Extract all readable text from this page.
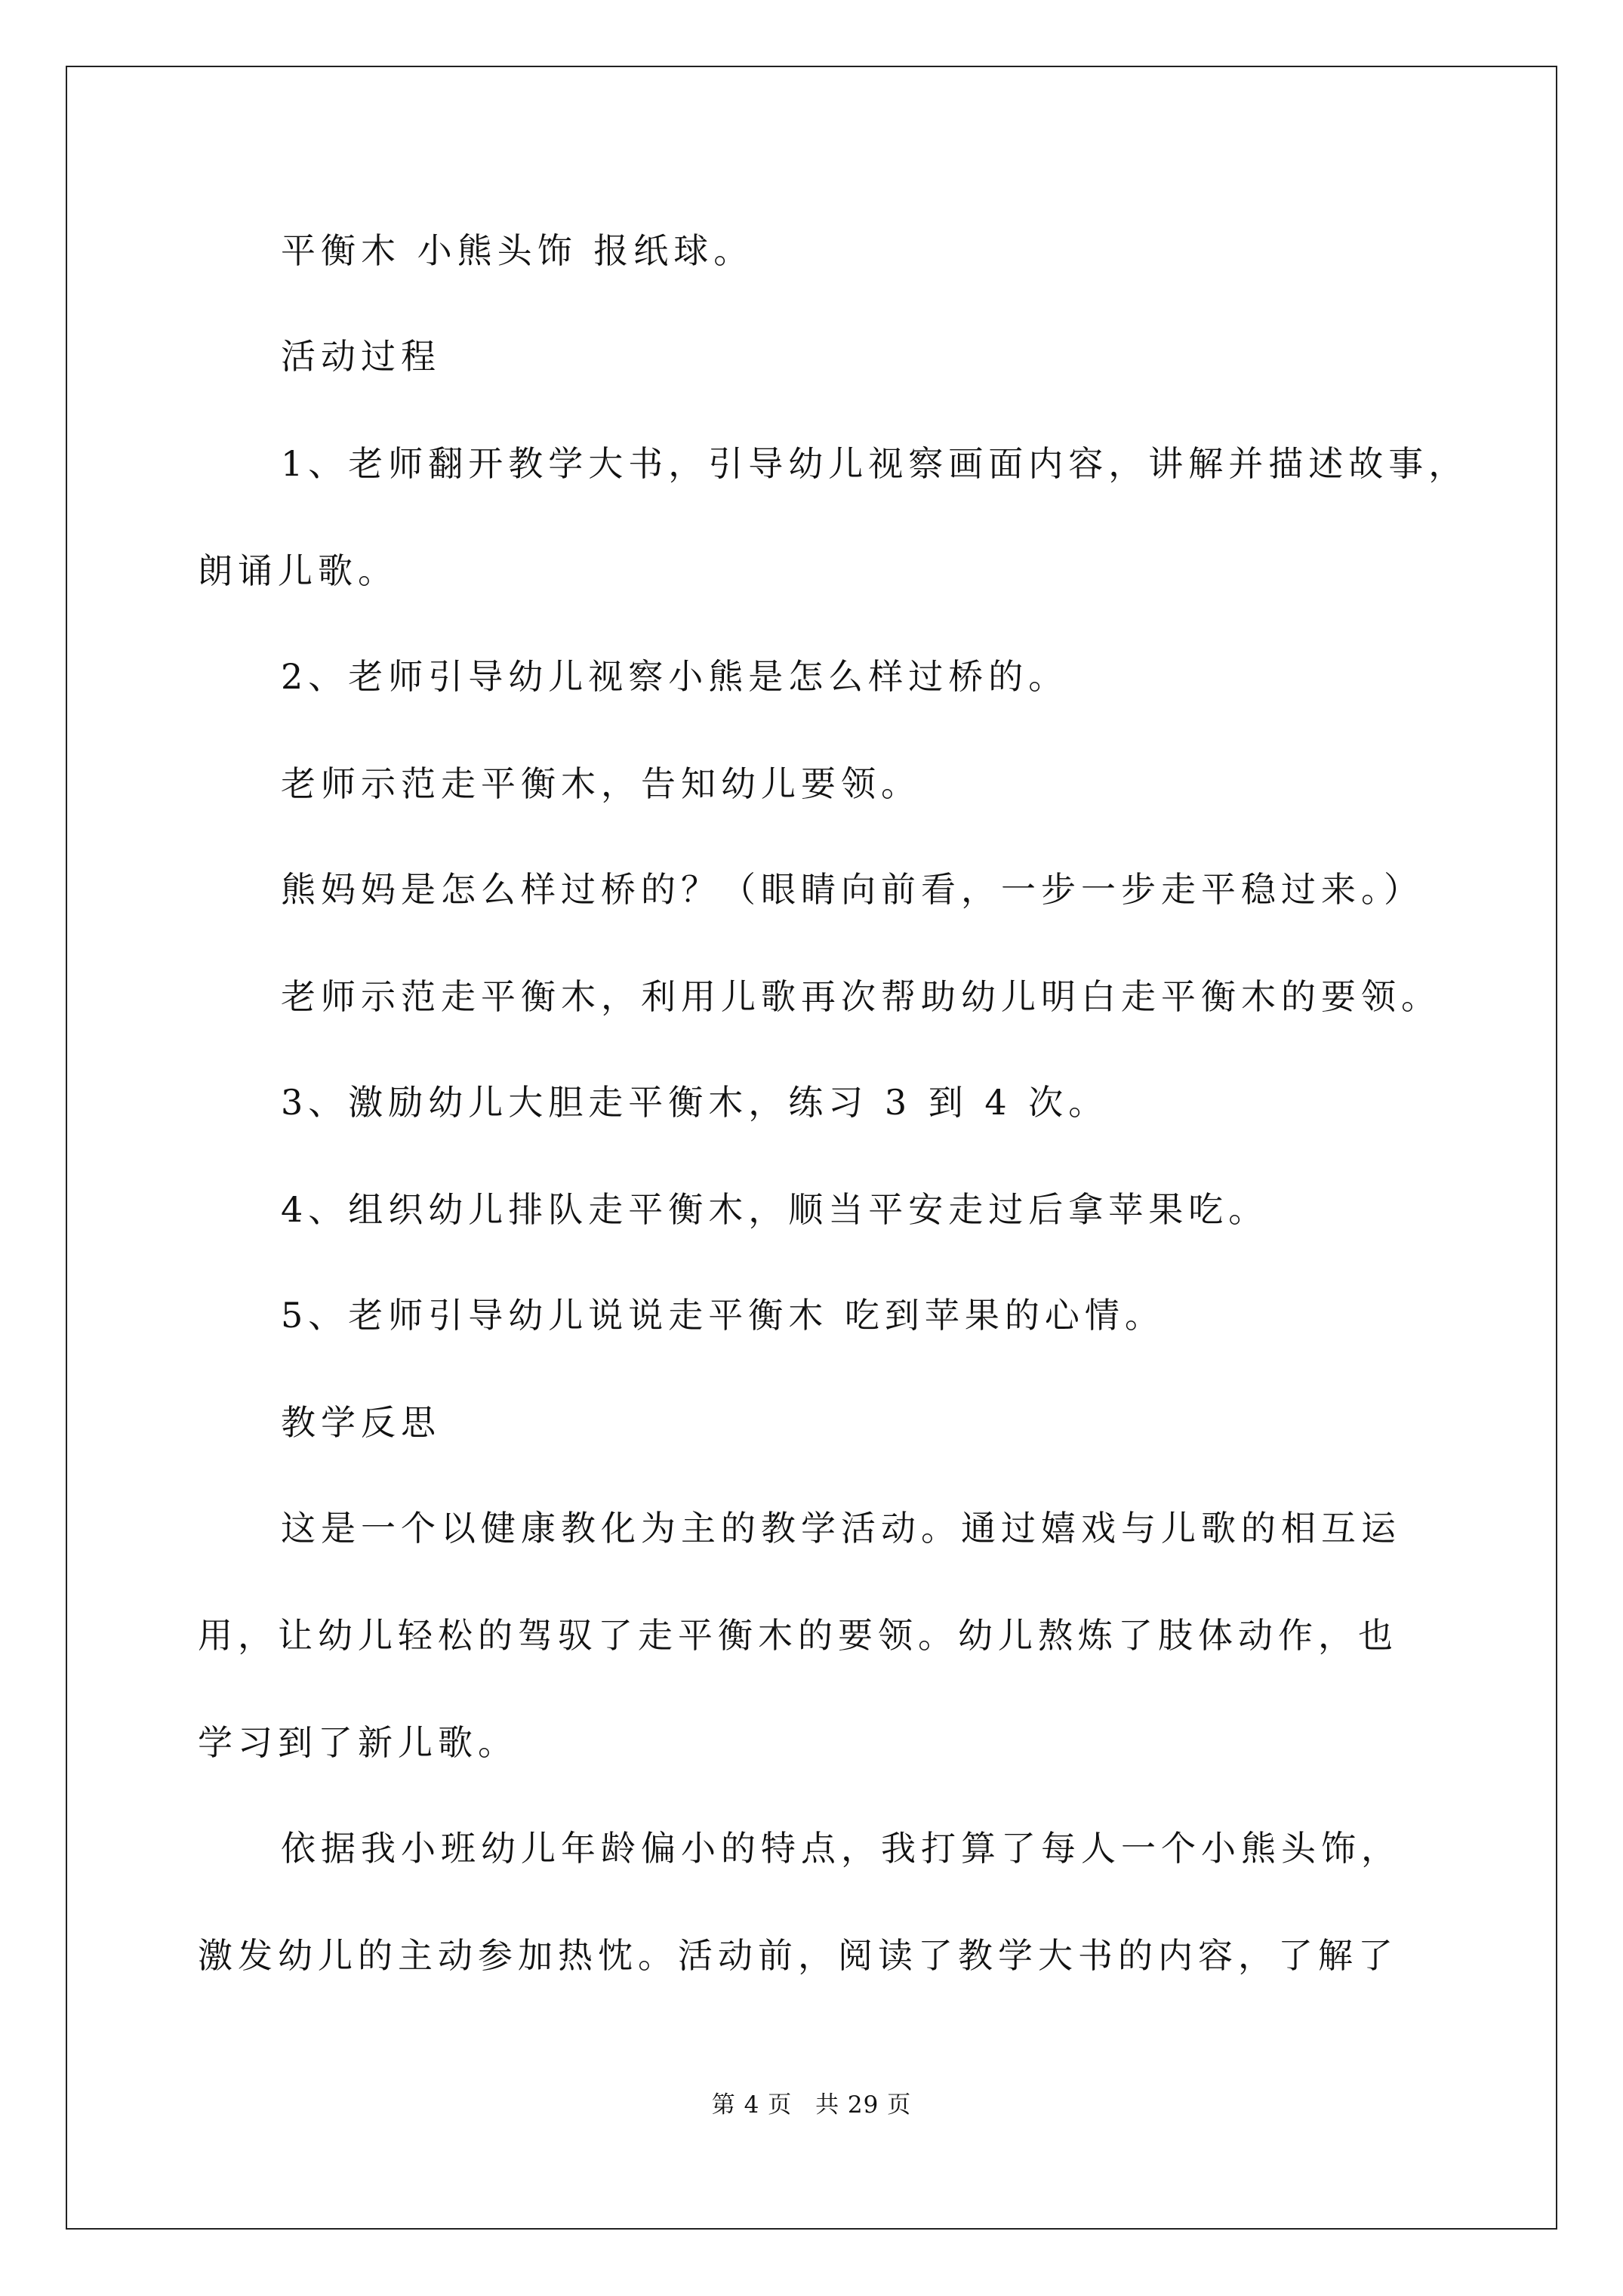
平衡木 小熊头饰 报纸球。
活动过程
1、老师翻开教学大书，引导幼儿视察画面内容，讲解并描述故事，
朗诵儿歌。
2、老师引导幼儿视察小熊是怎么样过桥的。
老师示范走平衡木，告知幼儿要领。
熊妈妈是怎么样过桥的？（眼睛向前看，一步一步走平稳过来。）
老师示范走平衡木，利用儿歌再次帮助幼儿明白走平衡木的要领。
3、激励幼儿大胆走平衡木，练习 3 到 4 次。
4、组织幼儿排队走平衡木，顺当平安走过后拿苹果吃。
5、老师引导幼儿说说走平衡木 吃到苹果的心情。
教学反思
这是一个以健康教化为主的教学活动。通过嬉戏与儿歌的相互运
用，让幼儿轻松的驾驭了走平衡木的要领。幼儿熬炼了肢体动作，也
学习到了新儿歌。
依据我小班幼儿年龄偏小的特点，我打算了每人一个小熊头饰，
激发幼儿的主动参加热忱。活动前，阅读了教学大书的内容，了解了
第 4 页 共 29 页
